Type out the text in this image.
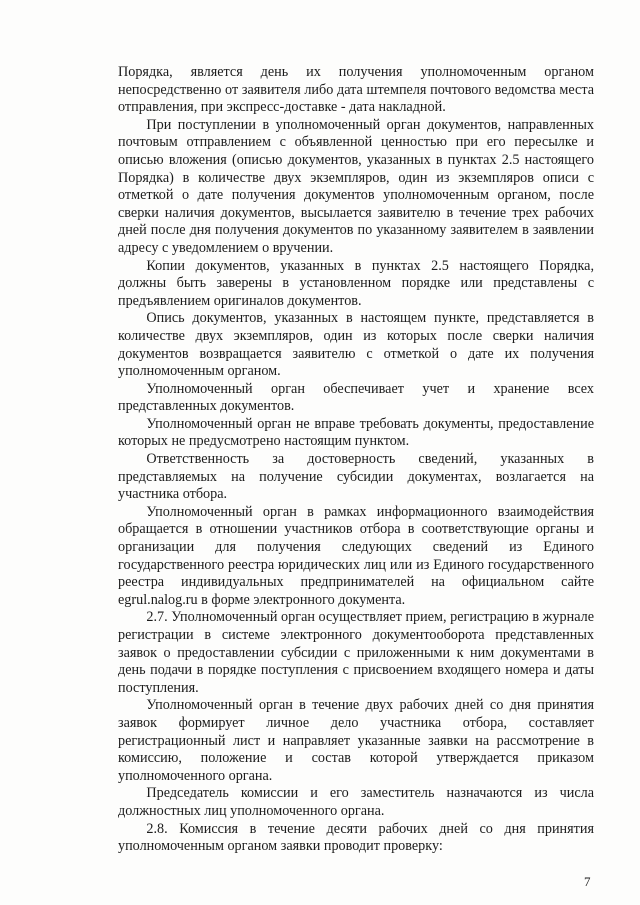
Порядка, является день их получения уполномоченным органом непосредственно от заявителя либо дата штемпеля почтового ведомства места отправления, при экспресс-доставке - дата накладной.

При поступлении в уполномоченный орган документов, направленных почтовым отправлением с объявленной ценностью при его пересылке и описью вложения (описью документов, указанных в пунктах 2.5 настоящего Порядка) в количестве двух экземпляров, один из экземпляров описи с отметкой о дате получения документов уполномоченным органом, после сверки наличия документов, высылается заявителю в течение трех рабочих дней после дня получения документов по указанному заявителем в заявлении адресу с уведомлением о вручении.

Копии документов, указанных в пунктах 2.5 настоящего Порядка, должны быть заверены в установленном порядке или представлены с предъявлением оригиналов документов.

Опись документов, указанных в настоящем пункте, представляется в количестве двух экземпляров, один из которых после сверки наличия документов возвращается заявителю с отметкой о дате их получения уполномоченным органом.

Уполномоченный орган обеспечивает учет и хранение всех представленных документов.

Уполномоченный орган не вправе требовать документы, предоставление которых не предусмотрено настоящим пунктом.

Ответственность за достоверность сведений, указанных в представляемых на получение субсидии документах, возлагается на участника отбора.

Уполномоченный орган в рамках информационного взаимодействия обращается в отношении участников отбора в соответствующие органы и организации для получения следующих сведений из Единого государственного реестра юридических лиц или из Единого государственного реестра индивидуальных предпринимателей на официальном сайте egrul.nalog.ru в форме электронного документа.

2.7. Уполномоченный орган осуществляет прием, регистрацию в журнале регистрации в системе электронного документооборота представленных заявок о предоставлении субсидии с приложенными к ним документами в день подачи в порядке поступления с присвоением входящего номера и даты поступления.

Уполномоченный орган в течение двух рабочих дней со дня принятия заявок формирует личное дело участника отбора, составляет регистрационный лист и направляет указанные заявки на рассмотрение в комиссию, положение и состав которой утверждается приказом уполномоченного органа.

Председатель комиссии и его заместитель назначаются из числа должностных лиц уполномоченного органа.

2.8. Комиссия в течение десяти рабочих дней со дня принятия уполномоченным органом заявки проводит проверку:

7
